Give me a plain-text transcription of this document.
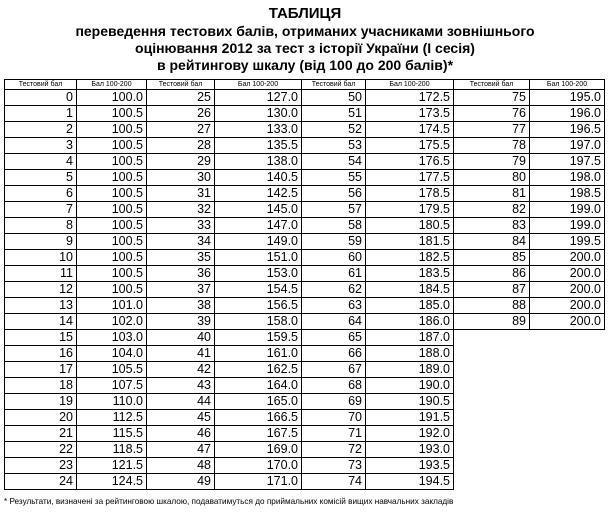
ТАБЛИЦЯ
переведення тестових балів, отриманих учасниками зовнішнього
оцінювання 2012 за тест з історії України (І сесія)
в рейтингову шкалу (від 100 до 200 балів)*
Тестовий бал	Бал 100-200	Тестовий бал	Бал 100-200	Тестовий бал	Бал 100-200	Тестовий бал	Бал 100-200
0	100.0	25	127.0	50	172.5	75	195.0
1	100.5	26	130.0	51	173.5	76	196.0
2	100.5	27	133.0	52	174.5	77	196.5
3	100.5	28	135.5	53	175.5	78	197.0
4	100.5	29	138.0	54	176.5	79	197.5
5	100.5	30	140.5	55	177.5	80	198.0
6	100.5	31	142.5	56	178.5	81	198.5
7	100.5	32	145.0	57	179.5	82	199.0
8	100.5	33	147.0	58	180.5	83	199.0
9	100.5	34	149.0	59	181.5	84	199.5
10	100.5	35	151.0	60	182.5	85	200.0
11	100.5	36	153.0	61	183.5	86	200.0
12	100.5	37	154.5	62	184.5	87	200.0
13	101.0	38	156.5	63	185.0	88	200.0
14	102.0	39	158.0	64	186.0	89	200.0
15	103.0	40	159.5	65	187.0		
16	104.0	41	161.0	66	188.0		
17	105.5	42	162.5	67	189.0		
18	107.5	43	164.0	68	190.0		
19	110.0	44	165.0	69	190.5		
20	112.5	45	166.5	70	191.5		
21	115.5	46	167.5	71	192.0		
22	118.5	47	169.0	72	193.0		
23	121.5	48	170.0	73	193.5		
24	124.5	49	171.0	74	194.5		
* Результати, визначені за рейтинговою шкалою, подаватимуться до приймальних комісій вищих навчальних закладів
